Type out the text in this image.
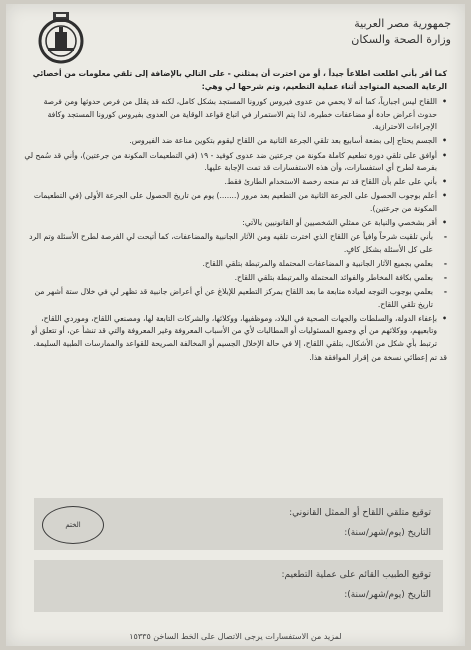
جمهورية مصر العربية
وزارة الصحة والسكان

كما أقر بأني اطلعت اطلاعاً جيداً ، أو من اخترت أن يمثلني - على التالي بالإضافة إلى تلقي معلومات من أخصائي الرعاية الصحية المتواجد أثناء عملية التطعيم، وتم شرحها لي وهي:

• اللقاح ليس اجبارياً، كما أنه لا يحمي من عدوى فيروس كورونا المستجد بشكل كامل، لكنه قد يقلل من فرص حدوثها ومن فرصة حدوث أعراض حادة أو مضاعفات خطيرة، لذا يتم الاستمرار في اتباع قواعد الوقاية من العدوى بفيروس كورونا المستجد وكافة الإجراءات الاحترازية.
• الجسم يحتاج إلى بضعة أسابيع بعد تلقي الجرعة الثانية من اللقاح ليقوم بتكوين مناعة ضد الفيروس.
• أوافق على تلقي دورة تطعيم كاملة مكونة من جرعتين ضد عدوى كوفيد - ١٩ (في التطعيمات المكونة من جرعتين)، وأني قد سُمح لي بفرصة لطرح أي استفسارات، وأن هذه الاستفسارات قد تمت الإجابة عليها.
• بأني على علم بأن اللقاح قد تم منحه رخصة الاستخدام الطارئ فقط.
• أعلم بوجوب الحصول على الجرعة الثانية من التطعيم بعد مرور (.......) يوم من تاريخ الحصول على الجرعة الأولى (في التطعيمات المكونة من جرعتين).
• أقر بشخصي والنيابة عن ممثلي الشخصيين أو القانونيين بالآتي:
- بأني تلقيت شرحاً وافياً عن اللقاح الذي اخترت تلقيه ومن الآثار الجانبية والمضاعفات، كما أتيحت لي الفرصة لطرح الأسئلة وتم الرد على كل الأسئلة بشكل كافٍ.
- بعلمي بجميع الآثار الجانبية و المضاعفات المحتملة والمرتبطة بتلقي اللقاح.
- بعلمي بكافة المخاطر والفوائد المحتملة والمرتبطة بتلقي اللقاح.
- بعلمي بوجوب التوجه لعيادة متابعة ما بعد اللقاح بمركز التطعيم للإبلاغ عن أي أعراض جانبية قد تظهر لي في خلال ستة أشهر من تاريخ تلقي اللقاح.
• بإعفاء الدولة، والسلطات والجهات الصحية في البلاد، وموظفيها، ووكلائها، والشركات التابعة لها، ومصنعي اللقاح، وموردي اللقاح، وتابعيهم، ووكلائهم من أي وجميع المسئوليات أو المطالبات لأي من الأسباب المعروفة وغير المعروفة والتي قد تنشأ عن، أو تتعلق أو ترتبط بأي شكل من الأشكال، بتلقي اللقاح، إلا في حالة الإخلال الجسيم أو المخالفة الصريحة للقواعد والممارسات الطبية السليمة.

قد تم إعطائي نسخة من إقرار الموافقة هذا.

توقيع متلقي اللقاح أو الممثل القانوني:
التاريخ (يوم/شهر/سنة):
الختم
توقيع الطبيب القائم على عملية التطعيم:
التاريخ (يوم/شهر/سنة):
لمزيد من الاستفسارات يرجى الاتصال على الخط الساخن ١٥٣٣٥
